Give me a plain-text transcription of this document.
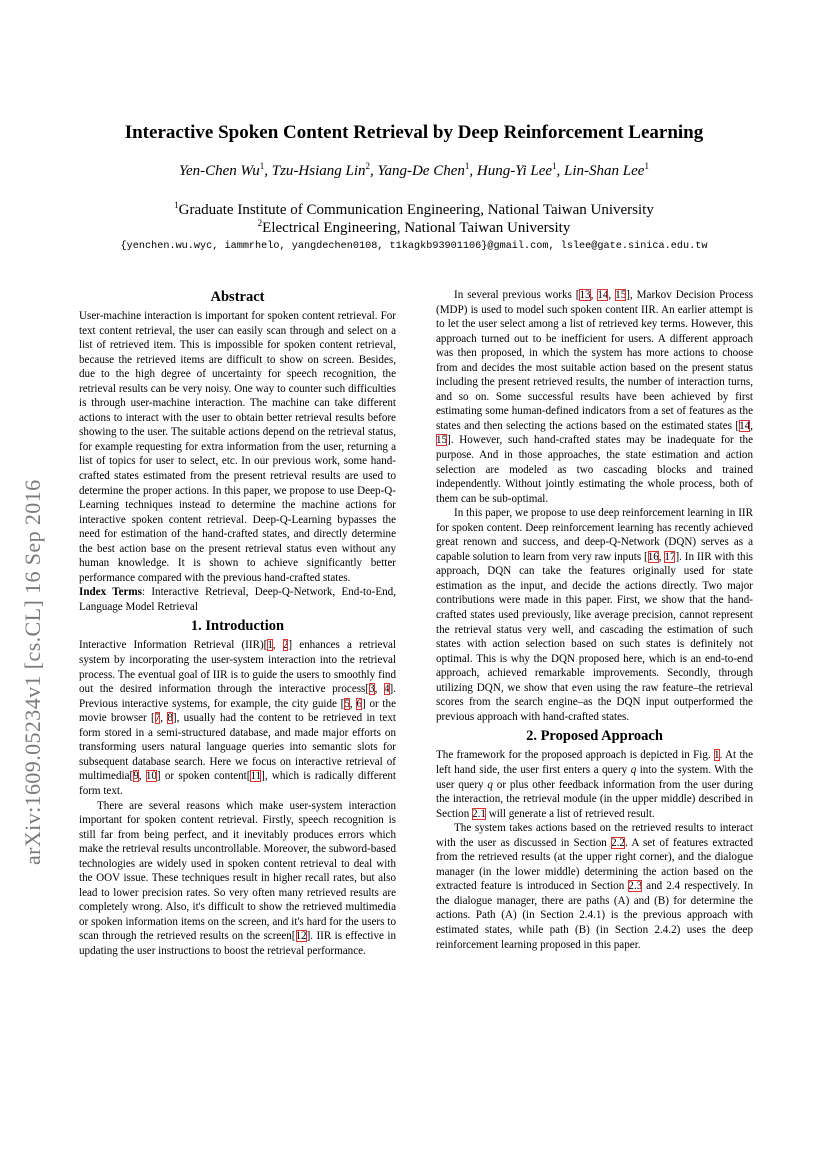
arXiv:1609.05234v1 [cs.CL] 16 Sep 2016
Interactive Spoken Content Retrieval by Deep Reinforcement Learning
Yen-Chen Wu$^1$, Tzu-Hsiang Lin$^2$, Yang-De Chen$^1$, Hung-Yi Lee$^1$, Lin-Shan Lee$^1$
$^1$Graduate Institute of Communication Engineering, National Taiwan University
$^2$Electrical Engineering, National Taiwan University
{yenchen.wu.wyc, iammrhelo, yangdechen0108, t1kagkb93901106}@gmail.com, lslee@gate.sinica.edu.tw
Abstract

User-machine interaction is important for spoken content retrieval. For text content retrieval, the user can easily scan through and select on a list of retrieved item. This is impossible for spoken content retrieval, because the retrieved items are difficult to show on screen. Besides, due to the high degree of uncertainty for speech recognition, the retrieval results can be very noisy. One way to counter such difficulties is through user-machine interaction. The machine can take different actions to interact with the user to obtain better retrieval results before showing to the user. The suitable actions depend on the retrieval status, for example requesting for extra information from the user, returning a list of topics for user to select, etc. In our previous work, some hand-crafted states estimated from the present retrieval results are used to determine the proper actions. In this paper, we propose to use Deep-Q-Learning techniques instead to determine the machine actions for interactive spoken content retrieval. Deep-Q-Learning bypasses the need for estimation of the hand-crafted states, and directly determine the best action base on the present retrieval status even without any human knowledge. It is shown to achieve significantly better performance compared with the previous hand-crafted states.

Index Terms: Interactive Retrieval, Deep-Q-Network, End-to-End, Language Model Retrieval

1. Introduction

Interactive Information Retrieval (IIR)[1, 2] enhances a retrieval system by incorporating the user-system interaction into the retrieval process. The eventual goal of IIR is to guide the users to smoothly find out the desired information through the interactive process[3, 4]. Previous interactive systems, for example, the city guide [5, 6] or the movie browser [7, 8], usually had the content to be retrieved in text form stored in a semi-structured database, and made major efforts on transforming users natural language queries into semantic slots for subsequent database search. Here we focus on interactive retrieval of multimedia[9, 10] or spoken content[11], which is radically different form text.

There are several reasons which make user-system interaction important for spoken content retrieval. Firstly, speech recognition is still far from being perfect, and it inevitably produces errors which make the retrieval results uncontrollable. Moreover, the subword-based technologies are widely used in spoken content retrieval to deal with the OOV issue. These techniques result in higher recall rates, but also lead to lower precision rates. So very often many retrieved results are completely wrong. Also, it's difficult to show the retrieved multimedia or spoken information items on the screen, and it's hard for the users to scan through the retrieved results on the screen[12]. IIR is effective in updating the user instructions to boost the retrieval performance.

In several previous works [13, 14, 15], Markov Decision Process (MDP) is used to model such spoken content IIR. An earlier attempt is to let the user select among a list of retrieved key terms. However, this approach turned out to be inefficient for users. A different approach was then proposed, in which the system has more actions to choose from and decides the most suitable action based on the present status including the present retrieved results, the number of interaction turns, and so on. Some successful results have been achieved by first estimating some human-defined indicators from a set of features as the states and then selecting the actions based on the estimated states [14, 15]. However, such hand-crafted states may be inadequate for the purpose. And in those approaches, the state estimation and action selection are modeled as two cascading blocks and trained independently. Without jointly estimating the whole process, both of them can be sub-optimal.

In this paper, we propose to use deep reinforcement learning in IIR for spoken content. Deep reinforcement learning has recently achieved great renown and success, and deep-Q-Network (DQN) serves as a capable solution to learn from very raw inputs [16, 17]. In IIR with this approach, DQN can take the features originally used for state estimation as the input, and decide the actions directly. Two major contributions were made in this paper. First, we show that the hand-crafted states used previously, like average precision, cannot represent the retrieval status very well, and cascading the estimation of such states with action selection based on such states is definitely not optimal. This is why the DQN proposed here, which is an end-to-end approach, achieved remarkable improvements. Secondly, through utilizing DQN, we show that even using the raw feature–the retrieval scores from the search engine–as the DQN input outperformed the previous approach with hand-crafted states.

2. Proposed Approach

The framework for the proposed approach is depicted in Fig. 1. At the left hand side, the user first enters a query q into the system. With the user query q or plus other feedback information from the user during the interaction, the retrieval module (in the upper middle) described in Section 2.1 will generate a list of retrieved result.

The system takes actions based on the retrieved results to interact with the user as discussed in Section 2.2. A set of features extracted from the retrieved results (at the upper right corner), and the dialogue manager (in the lower middle) determining the action based on the extracted feature is introduced in Section 2.3 and 2.4 respectively. In the dialogue manager, there are paths (A) and (B) for determine the actions. Path (A) (in Section 2.4.1) is the previous approach with estimated states, while path (B) (in Section 2.4.2) uses the deep reinforcement learning proposed in this paper.
